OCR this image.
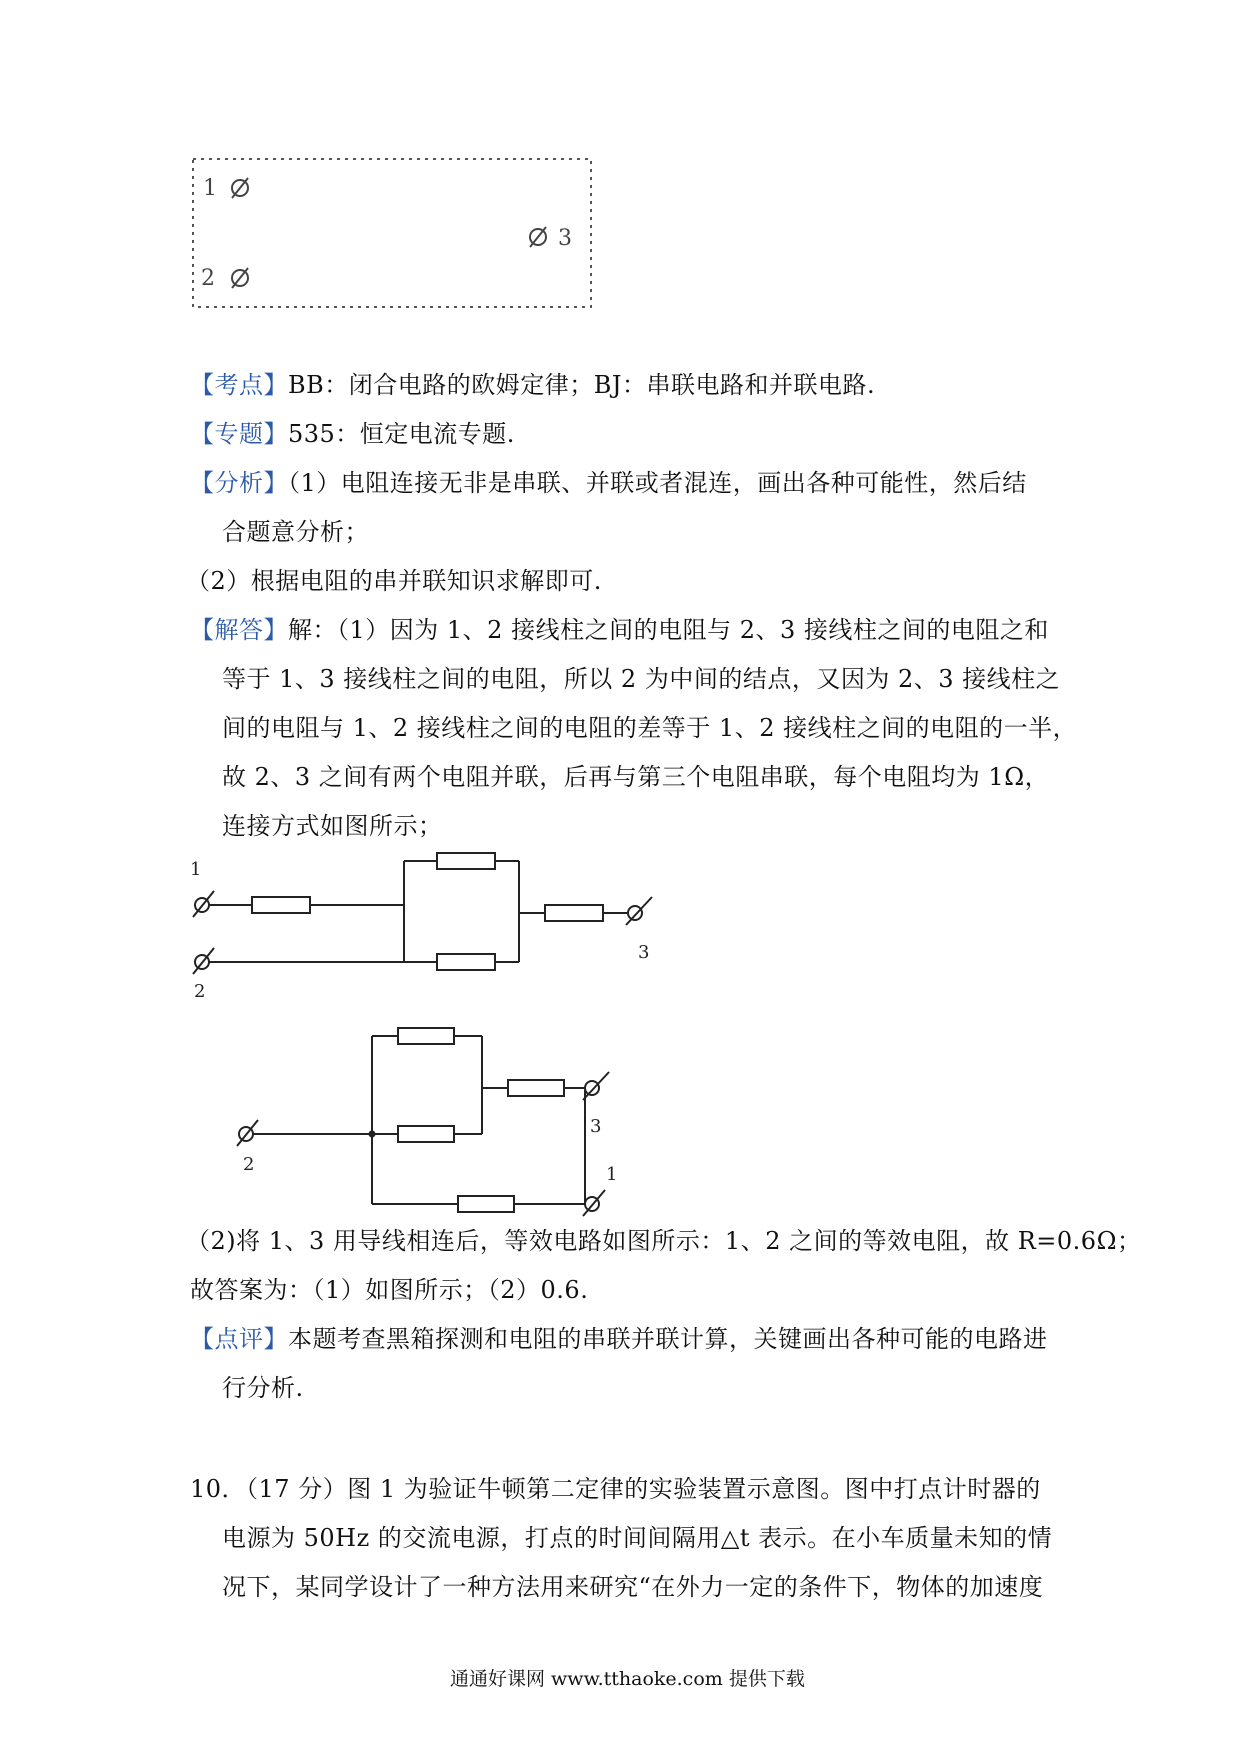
1
2
3
【考点】BB：闭合电路的欧姆定律；BJ：串联电路和并联电路.
【专题】535：恒定电流专题.
【分析】（1）电阻连接无非是串联、并联或者混连，画出各种可能性，然后结
合题意分析；
（2）根据电阻的串并联知识求解即可.
【解答】解：（1）因为 1、2 接线柱之间的电阻与 2、3 接线柱之间的电阻之和
等于 1、3 接线柱之间的电阻，所以 2 为中间的结点，又因为 2、3 接线柱之
间的电阻与 1、2 接线柱之间的电阻的差等于 1、2 接线柱之间的电阻的一半，
故 2、3 之间有两个电阻并联，后再与第三个电阻串联，每个电阻均为 1Ω，
连接方式如图所示；
1
3
2
3
1
2
（2)将 1、3 用导线相连后，等效电路如图所示：1、2 之间的等效电阻，故 R=0.6Ω；
故答案为：（1）如图所示；（2）0.6.
【点评】本题考查黑箱探测和电阻的串联并联计算，关键画出各种可能的电路进
行分析.
10．（17 分）图 1 为验证牛顿第二定律的实验装置示意图。图中打点计时器的
电源为 50Hz 的交流电源，打点的时间间隔用△t 表示。在小车质量未知的情
况下，某同学设计了一种方法用来研究“在外力一定的条件下，物体的加速度
通通好课网 www.tthaoke.com 提供下载
